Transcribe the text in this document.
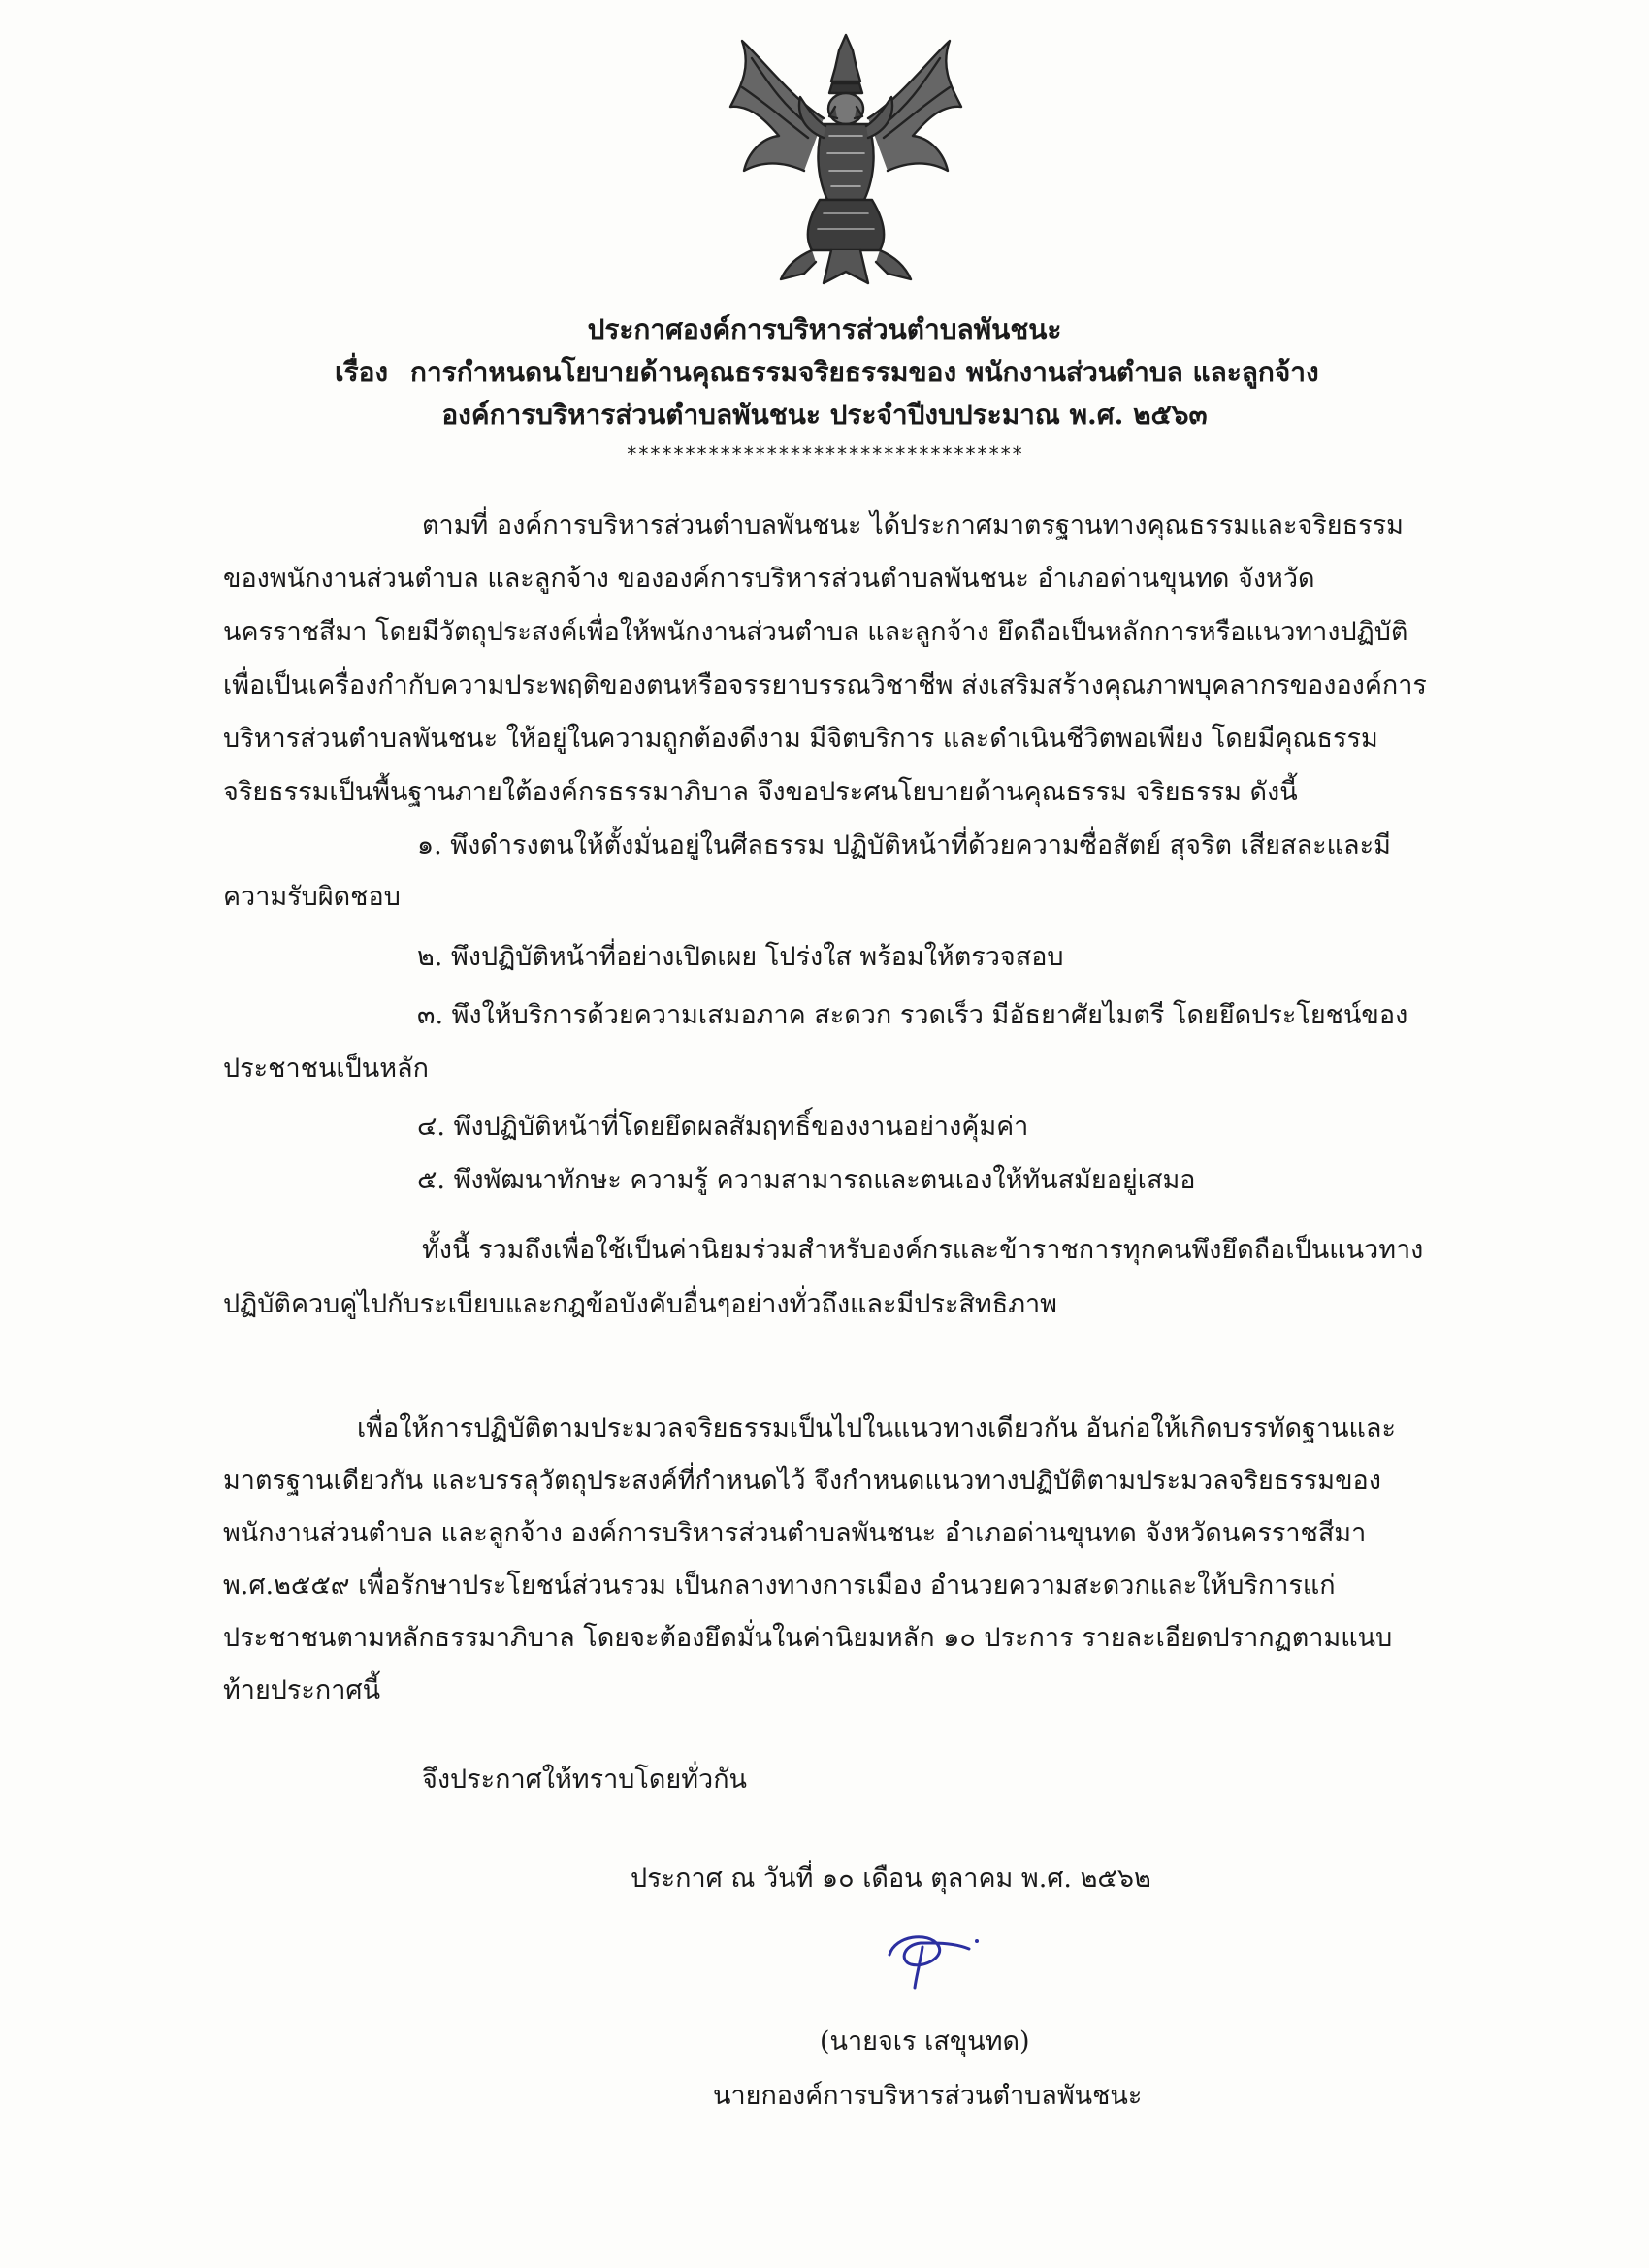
ประกาศองค์การบริหารส่วนตำบลพันชนะ
เรื่อง การกำหนดนโยบายด้านคุณธรรมจริยธรรมของ พนักงานส่วนตำบล และลูกจ้าง
องค์การบริหารส่วนตำบลพันชนะ ประจำปีงบประมาณ พ.ศ. ๒๕๖๓
**********************************
ตามที่ องค์การบริหารส่วนตำบลพันชนะ ได้ประกาศมาตรฐานทางคุณธรรมและจริยธรรม
ของพนักงานส่วนตำบล และลูกจ้าง ขององค์การบริหารส่วนตำบลพันชนะ อำเภอด่านขุนทด จังหวัด
นครราชสีมา โดยมีวัตถุประสงค์เพื่อให้พนักงานส่วนตำบล และลูกจ้าง ยึดถือเป็นหลักการหรือแนวทางปฏิบัติ
เพื่อเป็นเครื่องกำกับความประพฤติของตนหรือจรรยาบรรณวิชาชีพ ส่งเสริมสร้างคุณภาพบุคลากรขององค์การ
บริหารส่วนตำบลพันชนะ ให้อยู่ในความถูกต้องดีงาม มีจิตบริการ และดำเนินชีวิตพอเพียง โดยมีคุณธรรม
จริยธรรมเป็นพื้นฐานภายใต้องค์กรธรรมาภิบาล จึงขอประศนโยบายด้านคุณธรรม จริยธรรม ดังนี้
๑. พึงดำรงตนให้ตั้งมั่นอยู่ในศีลธรรม ปฏิบัติหน้าที่ด้วยความซื่อสัตย์ สุจริต เสียสละและมี
ความรับผิดชอบ
๒. พึงปฏิบัติหน้าที่อย่างเปิดเผย โปร่งใส พร้อมให้ตรวจสอบ
๓. พึงให้บริการด้วยความเสมอภาค สะดวก รวดเร็ว มีอัธยาศัยไมตรี โดยยึดประโยชน์ของ
ประชาชนเป็นหลัก
๔. พึงปฏิบัติหน้าที่โดยยึดผลสัมฤทธิ์ของงานอย่างคุ้มค่า
๕. พึงพัฒนาทักษะ ความรู้ ความสามารถและตนเองให้ทันสมัยอยู่เสมอ
ทั้งนี้ รวมถึงเพื่อใช้เป็นค่านิยมร่วมสำหรับองค์กรและข้าราชการทุกคนพึงยึดถือเป็นแนวทาง
ปฏิบัติควบคู่ไปกับระเบียบและกฎข้อบังคับอื่นๆอย่างทั่วถึงและมีประสิทธิภาพ
เพื่อให้การปฏิบัติตามประมวลจริยธรรมเป็นไปในแนวทางเดียวกัน อันก่อให้เกิดบรรทัดฐานและ
มาตรฐานเดียวกัน และบรรลุวัตถุประสงค์ที่กำหนดไว้ จึงกำหนดแนวทางปฏิบัติตามประมวลจริยธรรมของ
พนักงานส่วนตำบล และลูกจ้าง องค์การบริหารส่วนตำบลพันชนะ อำเภอด่านขุนทด จังหวัดนครราชสีมา
พ.ศ.๒๕๕๙ เพื่อรักษาประโยชน์ส่วนรวม เป็นกลางทางการเมือง อำนวยความสะดวกและให้บริการแก่
ประชาชนตามหลักธรรมาภิบาล โดยจะต้องยึดมั่นในค่านิยมหลัก ๑๐ ประการ รายละเอียดปรากฏตามแนบ
ท้ายประกาศนี้
จึงประกาศให้ทราบโดยทั่วกัน
ประกาศ ณ วันที่ ๑๐ เดือน ตุลาคม พ.ศ. ๒๕๖๒
(นายจเร เสขุนทด)
นายกองค์การบริหารส่วนตำบลพันชนะ
